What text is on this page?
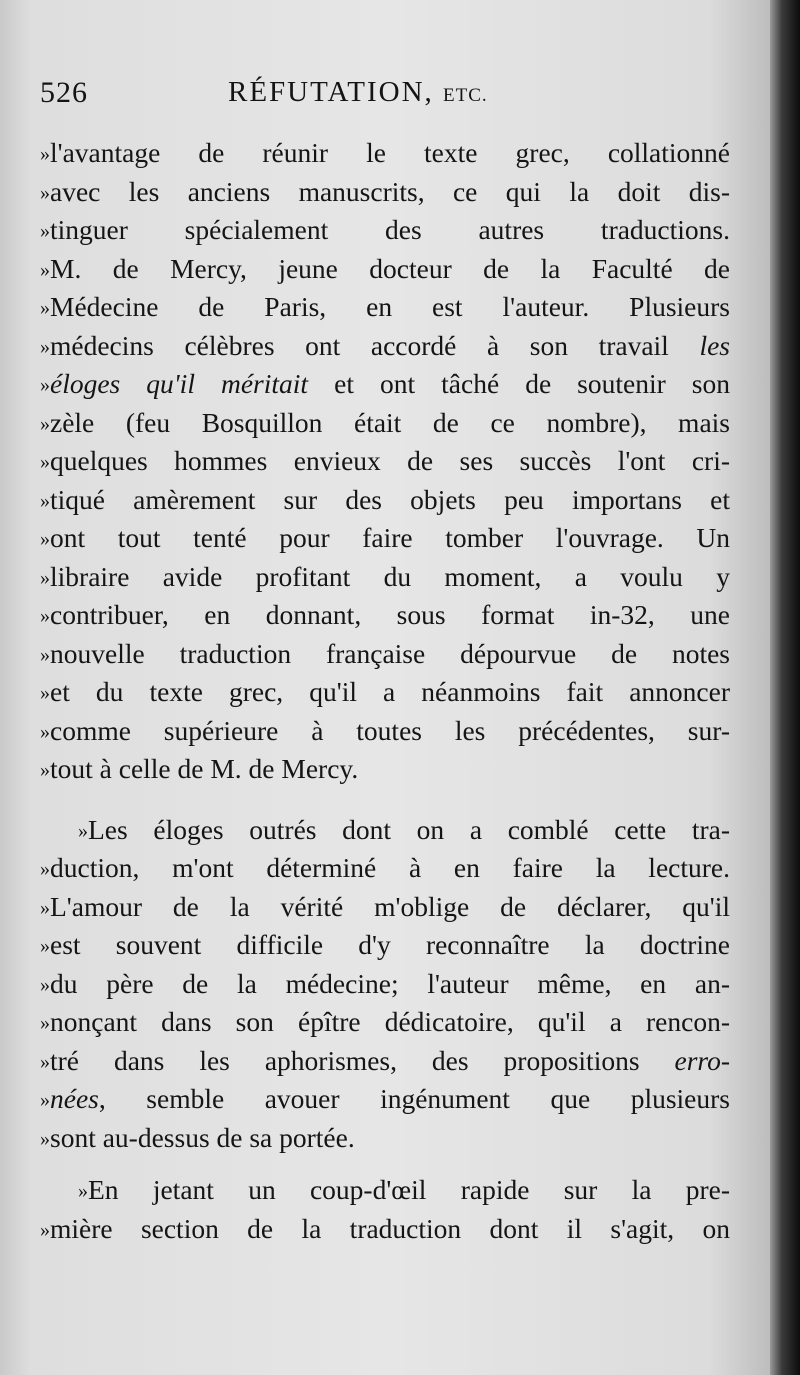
526	RÉFUTATION, ETC.
»l'avantage de réunir le texte grec, collationné
»avec les anciens manuscrits, ce qui la doit dis-
»tinguer spécialement des autres traductions.
»M. de Mercy, jeune docteur de la Faculté de
»Médecine de Paris, en est l'auteur. Plusieurs
»médecins célèbres ont accordé à son travail les
»éloges qu'il méritait et ont tâché de soutenir son
»zèle (feu Bosquillon était de ce nombre), mais
»quelques hommes envieux de ses succès l'ont cri-
»tiqué amèrement sur des objets peu importans et
»ont tout tenté pour faire tomber l'ouvrage. Un
»libraire avide profitant du moment, a voulu y
»contribuer, en donnant, sous format in-32, une
»nouvelle traduction française dépourvue de notes
»et du texte grec, qu'il a néanmoins fait annoncer
»comme supérieure à toutes les précédentes, sur-
»tout à celle de M. de Mercy.
»Les éloges outrés dont on a comblé cette tra-
»duction, m'ont déterminé à en faire la lecture.
»L'amour de la vérité m'oblige de déclarer, qu'il
»est souvent difficile d'y reconnaître la doctrine
»du père de la médecine; l'auteur même, en an-
»nonçant dans son épître dédicatoire, qu'il a rencon-
»tré dans les aphorismes, des propositions erro-
»nées, semble avouer ingénument que plusieurs
»sont au-dessus de sa portée.
»En jetant un coup-d'œil rapide sur la pre-
»mière section de la traduction dont il s'agit, on
